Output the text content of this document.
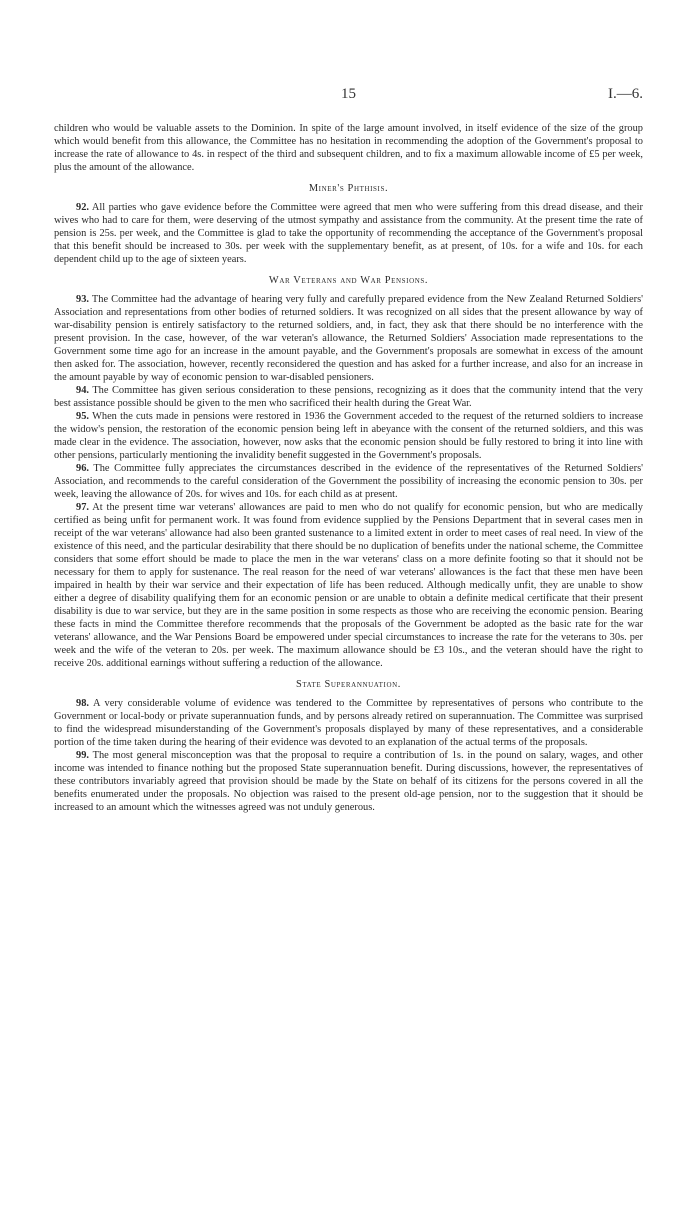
15	I.—6.

children who would be valuable assets to the Dominion. In spite of the large amount involved, in itself evidence of the size of the group which would benefit from this allowance, the Committee has no hesitation in recommending the adoption of the Government's proposal to increase the rate of allowance to 4s. in respect of the third and subsequent children, and to fix a maximum allowable income of £5 per week, plus the amount of the allowance.

Miner's Phthisis.

92. All parties who gave evidence before the Committee were agreed that men who were suffering from this dread disease, and their wives who had to care for them, were deserving of the utmost sympathy and assistance from the community. At the present time the rate of pension is 25s. per week, and the Committee is glad to take the opportunity of recommending the acceptance of the Government's proposal that this benefit should be increased to 30s. per week with the supplementary benefit, as at present, of 10s. for a wife and 10s. for each dependent child up to the age of sixteen years.

War Veterans and War Pensions.

93. The Committee had the advantage of hearing very fully and carefully prepared evidence from the New Zealand Returned Soldiers' Association and representations from other bodies of returned soldiers. It was recognized on all sides that the present allowance by way of war-disability pension is entirely satisfactory to the returned soldiers, and, in fact, they ask that there should be no interference with the present provision. In the case, however, of the war veteran's allowance, the Returned Soldiers' Association made representations to the Government some time ago for an increase in the amount payable, and the Government's proposals are somewhat in excess of the amount then asked for. The association, however, recently reconsidered the question and has asked for a further increase, and also for an increase in the amount payable by way of economic pension to war-disabled pensioners.

94. The Committee has given serious consideration to these pensions, recognizing as it does that the community intend that the very best assistance possible should be given to the men who sacrificed their health during the Great War.

95. When the cuts made in pensions were restored in 1936 the Government acceded to the request of the returned soldiers to increase the widow's pension, the restoration of the economic pension being left in abeyance with the consent of the returned soldiers, and this was made clear in the evidence. The association, however, now asks that the economic pension should be fully restored to bring it into line with other pensions, particularly mentioning the invalidity benefit suggested in the Government's proposals.

96. The Committee fully appreciates the circumstances described in the evidence of the representatives of the Returned Soldiers' Association, and recommends to the careful consideration of the Government the possibility of increasing the economic pension to 30s. per week, leaving the allowance of 20s. for wives and 10s. for each child as at present.

97. At the present time war veterans' allowances are paid to men who do not qualify for economic pension, but who are medically certified as being unfit for permanent work. It was found from evidence supplied by the Pensions Department that in several cases men in receipt of the war veterans' allowance had also been granted sustenance to a limited extent in order to meet cases of real need. In view of the existence of this need, and the particular desirability that there should be no duplication of benefits under the national scheme, the Committee considers that some effort should be made to place the men in the war veterans' class on a more definite footing so that it should not be necessary for them to apply for sustenance. The real reason for the need of war veterans' allowances is the fact that these men have been impaired in health by their war service and their expectation of life has been reduced. Although medically unfit, they are unable to show either a degree of disability qualifying them for an economic pension or are unable to obtain a definite medical certificate that their present disability is due to war service, but they are in the same position in some respects as those who are receiving the economic pension. Bearing these facts in mind the Committee therefore recommends that the proposals of the Government be adopted as the basic rate for the war veterans' allowance, and the War Pensions Board be empowered under special circumstances to increase the rate for the veterans to 30s. per week and the wife of the veteran to 20s. per week. The maximum allowance should be £3 10s., and the veteran should have the right to receive 20s. additional earnings without suffering a reduction of the allowance.

State Superannuation.

98. A very considerable volume of evidence was tendered to the Committee by representatives of persons who contribute to the Government or local-body or private superannuation funds, and by persons already retired on superannuation. The Committee was surprised to find the widespread misunderstanding of the Government's proposals displayed by many of these representatives, and a considerable portion of the time taken during the hearing of their evidence was devoted to an explanation of the actual terms of the proposals.

99. The most general misconception was that the proposal to require a contribution of 1s. in the pound on salary, wages, and other income was intended to finance nothing but the proposed State superannuation benefit. During discussions, however, the representatives of these contributors invariably agreed that provision should be made by the State on behalf of its citizens for the persons covered in all the benefits enumerated under the proposals. No objection was raised to the present old-age pension, nor to the suggestion that it should be increased to an amount which the witnesses agreed was not unduly generous.
